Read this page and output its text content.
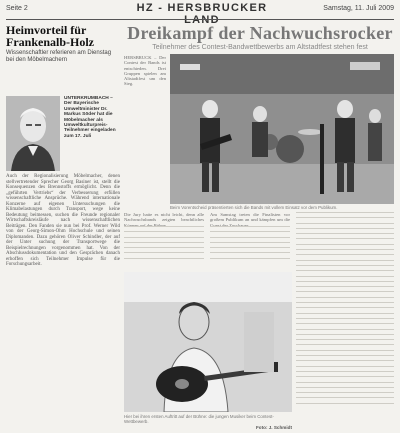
Seite 2	HZ - HERSBRUCKER LAND
Samstag, 11. Juli 2009
Heimvorteil für Frankenalb-Holz
Wissenschaftler referieren am Dienstag bei den Möbelmachern
UNTERKRUMBACH – Der Bayerische Umweltminister Dr. Markus Söder hat die Möbelmacher als Umweltkulturpreis-Teilnehmer eingeladen zum 17. Juli
Auch der Regionalisierung Möbelmacher, denen stellvertretender Sprecher Georg Basiner ist, stellt die Konsequenzen des Brennstoffs ermöglicht. Denn die „geführten Vertriebs“ der Verbesserung erfüllen wissenschaftliche Ansprüche. Während internationale Konzerne auf eigenen Untersuchungen die Klimabelastungen durch Transport, wege keine Bedeutung beimessen, suchen die Freunde regionaler Wirtschaftskreisläufe nach wissenschaftlichen Beiträgen. Den Fanden sie nun bei Prof. Werner Wild von der Georg-Simon-Ohm Hochschule und seinen Diplomanden. Dazu gehören Oliver Schindler, der auf der Unter suchung der Transportwege die Beispielrechnungen vorgenommen hat. Von der Abschlussdokumentation und den Gesprächen danach erhoffen sich Teilnehmer Impulse für die Forschungsarbeit.
Dreikampf der Nachwuchsrocker
Teilnehmer des Contest-Bandwettbewerbs am Altstadtfest stehen fest
HERSBRUCK – Der Contest der Bands ist entschieden. Drei Gruppen spielen am Altstadtfest um den Sieg.
Beim Vorentscheid präsentierten sich die Bands mit vollem Einsatz vor dem Publikum.
Die Jury hatte es nicht leicht, denn alle Nachwuchsbands zeigten beachtliches
Am Samstag treten die Finalisten vor großem Publikum an und kämpfen um die
Hier bei ihren ersten Auftritt auf der Bühne: die jungen Musiker beim Contest-Wettbewerb.
Foto: J. Schmidt
